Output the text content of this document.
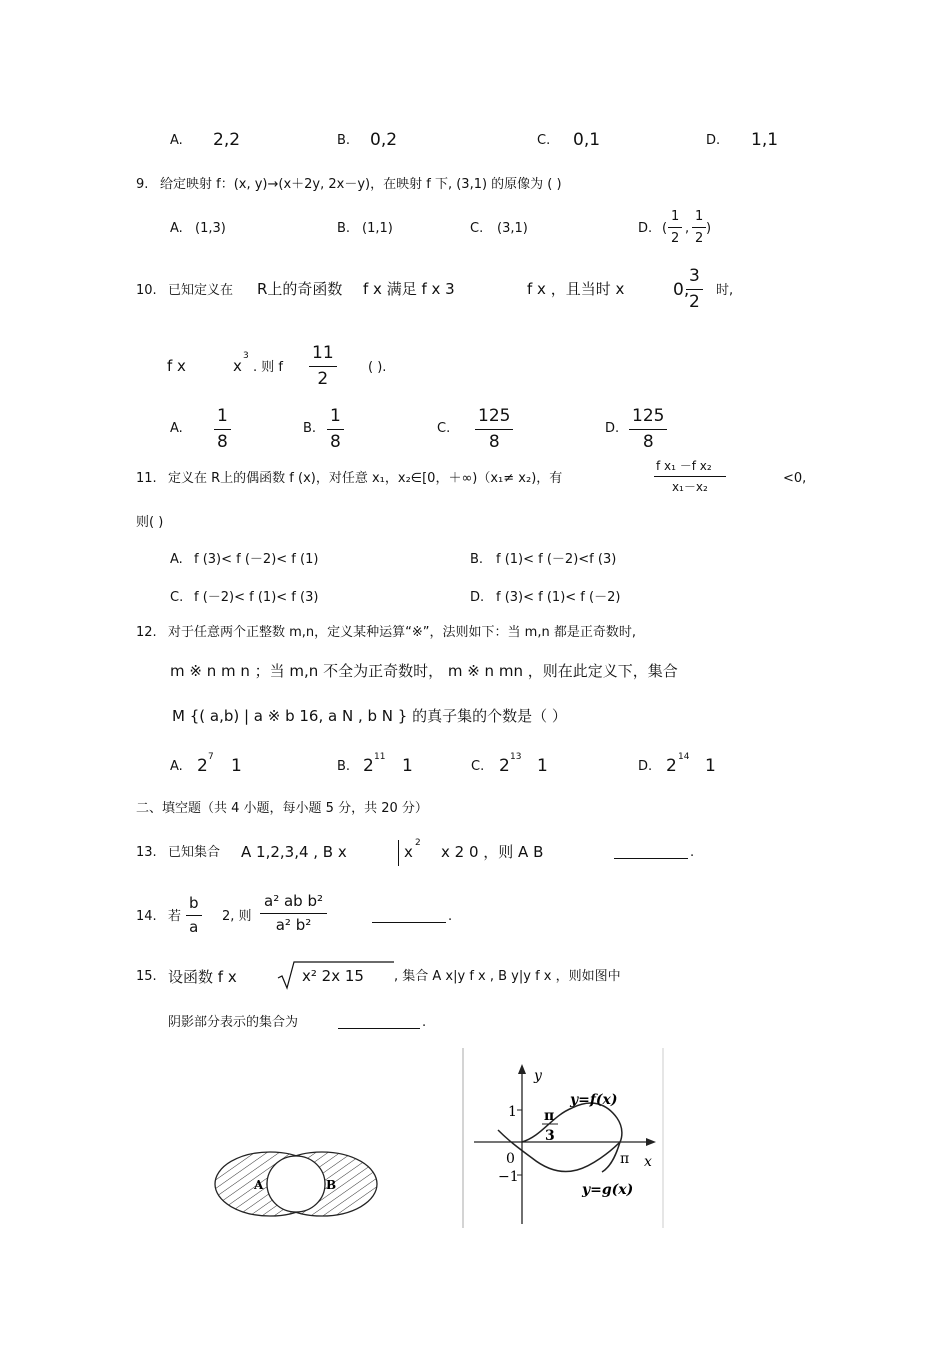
A. 2,2	B. 0,2	C. 0,1	D. 1,1
9. 给定映射 f：(x, y)→(x＋2y, 2x－y)，在映射 f 下, (3,1) 的原像为 ( )
A. (1,3)	B. (1,1)	C. (3,1)	D. ( $\frac{1}{2}$ , $\frac{1}{2}$ )
10. 已知定义在 R上的奇函数 f x 满足 f x 3	f x ，且当时 x	0,
$\frac{3}{2}$ 时,
f x	x
3
. 则 f $\frac{11}{2}$ ( ).
A. $\frac{1}{8}$	B. $\frac{1}{8}$	C. $\frac{125}{8}$	D. $\frac{125}{8}$
11. 定义在 R上的偶函数 f (x)，对任意 x₁，x₂∈[0，＋∞)（x₁≠ x₂)，有	$\frac{\text{f x₁ －f x₂}}{\text{x₁－x₂}}$	<0,
则( )
A. f (3)< f (－2)< f (1)	B. f (1)< f (－2)<f (3)
C. f (－2)< f (1)< f (3)	D. f (3)< f (1)< f (－2)
12. 对于任意两个正整数 m,n，定义某种运算“※”，法则如下：当 m,n 都是正奇数时,
m ※ n m n ；当 m,n 不全为正奇数时， m ※ n mn ，则在此定义下，集合
M {( a,b) | a ※ b 16, a N , b N } 的真子集的个数是（ ）
A. 2 7 1	B. 2 11 1	C. 2 13 1	D. 2 14 1
二、填空题（共 4 小题，每小题 5 分，共 20 分）
13. 已知集合 A 1,2,3,4 , B x	x 2 x 2 0 ，则 A B	.
14. 若 $\frac{b}{a} 2$, 则 $\frac{\text{a² ab b²}}{\text{a² b²}}$	.
15. 设函数 f x	x² 2x 15 , 集合 A x|y f x , B y|y f x ，则如图中
阴影部分表示的集合为	.
A	B
y
x
1
−1
0	π
π
3
y=f(x)
y=g(x)
